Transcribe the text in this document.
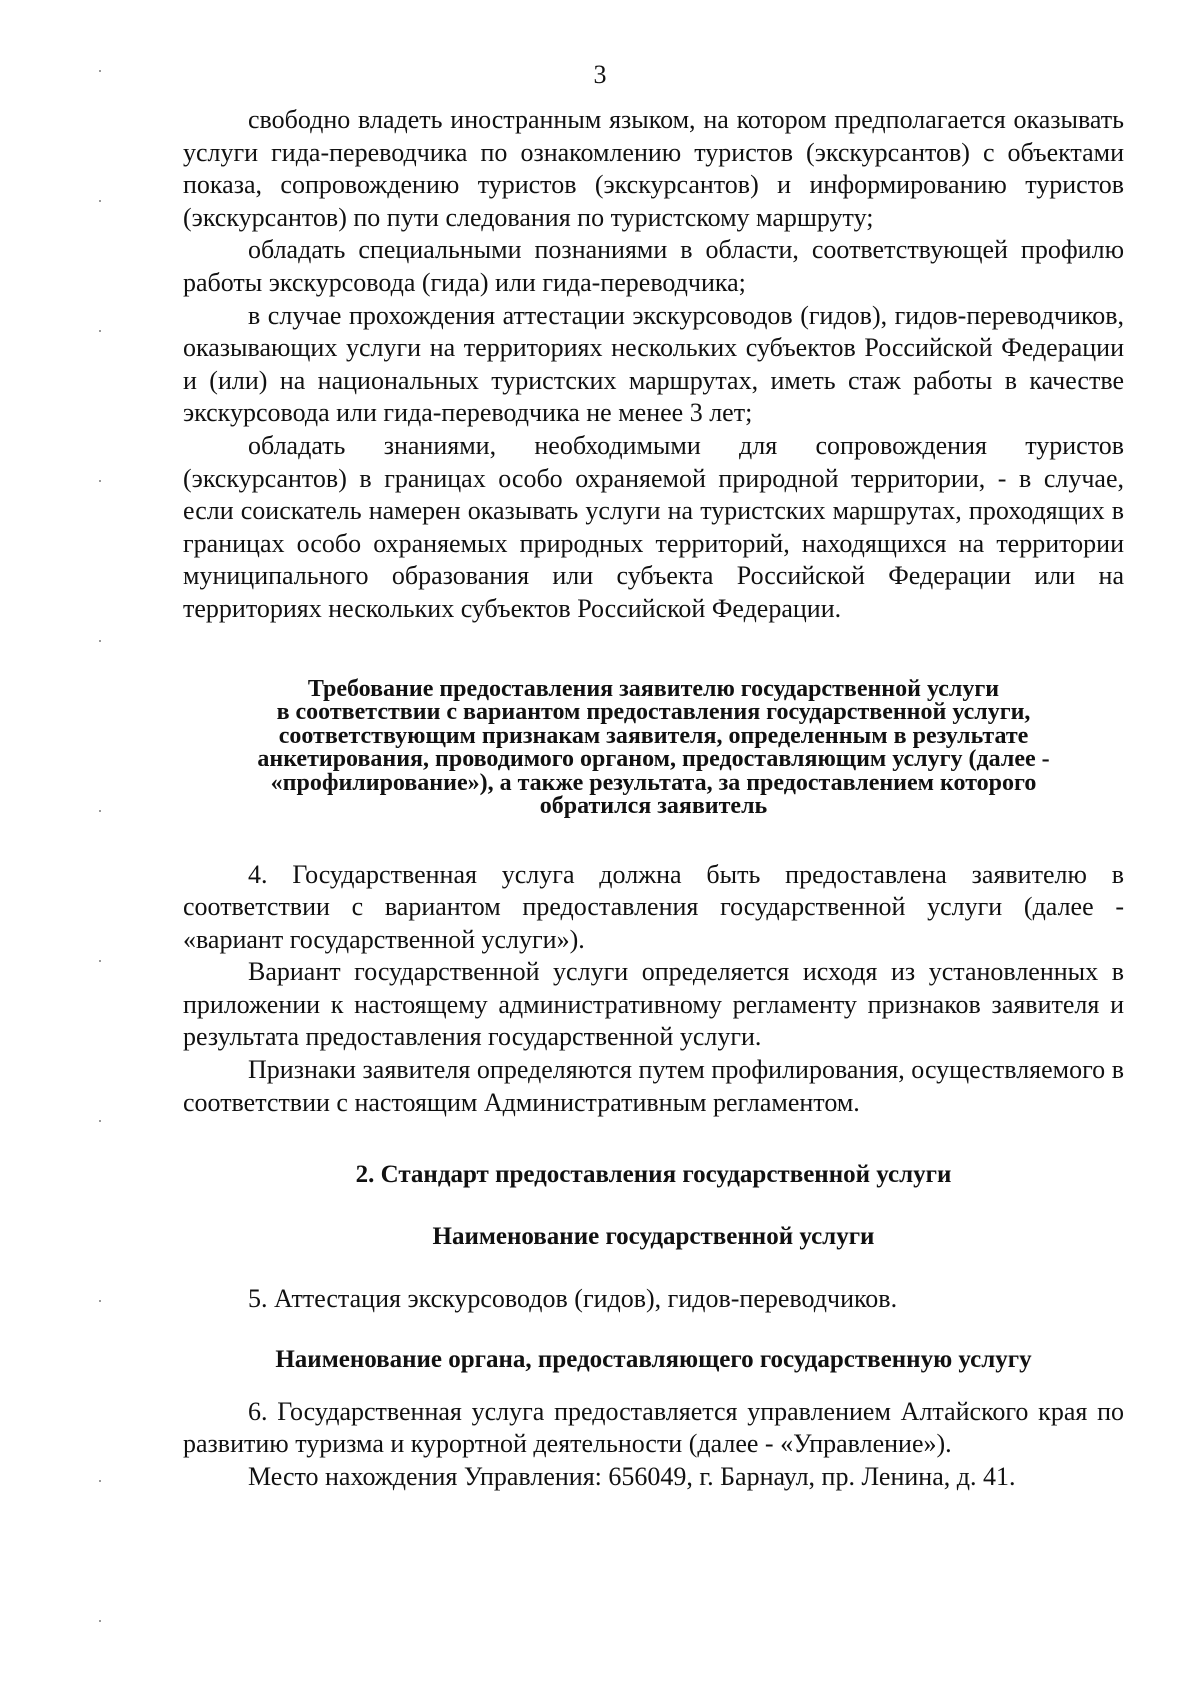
3

свободно владеть иностранным языком, на котором предполагается оказывать услуги гида-переводчика по ознакомлению туристов (экскурсантов) с объектами показа, сопровождению туристов (экскурсантов) и информированию туристов (экскурсантов) по пути следования по туристскому маршруту;

обладать специальными познаниями в области, соответствующей профилю работы экскурсовода (гида) или гида-переводчика;

в случае прохождения аттестации экскурсоводов (гидов), гидов-переводчиков, оказывающих услуги на территориях нескольких субъектов Российской Федерации и (или) на национальных туристских маршрутах, иметь стаж работы в качестве экскурсовода или гида-переводчика не менее 3 лет;

обладать знаниями, необходимыми для сопровождения туристов (экскурсантов) в границах особо охраняемой природной территории, - в случае, если соискатель намерен оказывать услуги на туристских маршрутах, проходящих в границах особо охраняемых природных территорий, находящихся на территории муниципального образования или субъекта Российской Федерации или на территориях нескольких субъектов Российской Федерации.

Требование предоставления заявителю государственной услуги
в соответствии с вариантом предоставления государственной услуги,
соответствующим признакам заявителя, определенным в результате
анкетирования, проводимого органом, предоставляющим услугу (далее -
«профилирование»), а также результата, за предоставлением которого
обратился заявитель

4. Государственная услуга должна быть предоставлена заявителю в соответствии с вариантом предоставления государственной услуги (далее - «вариант государственной услуги»).

Вариант государственной услуги определяется исходя из установленных в приложении к настоящему административному регламенту признаков заявителя и результата предоставления государственной услуги.

Признаки заявителя определяются путем профилирования, осуществляемого в соответствии с настоящим Административным регламентом.

2. Стандарт предоставления государственной услуги
Наименование государственной услуги

5. Аттестация экскурсоводов (гидов), гидов-переводчиков.

Наименование органа, предоставляющего государственную услугу

6. Государственная услуга предоставляется управлением Алтайского края по развитию туризма и курортной деятельности (далее - «Управление»).

Место нахождения Управления: 656049, г. Барнаул, пр. Ленина, д. 41.
